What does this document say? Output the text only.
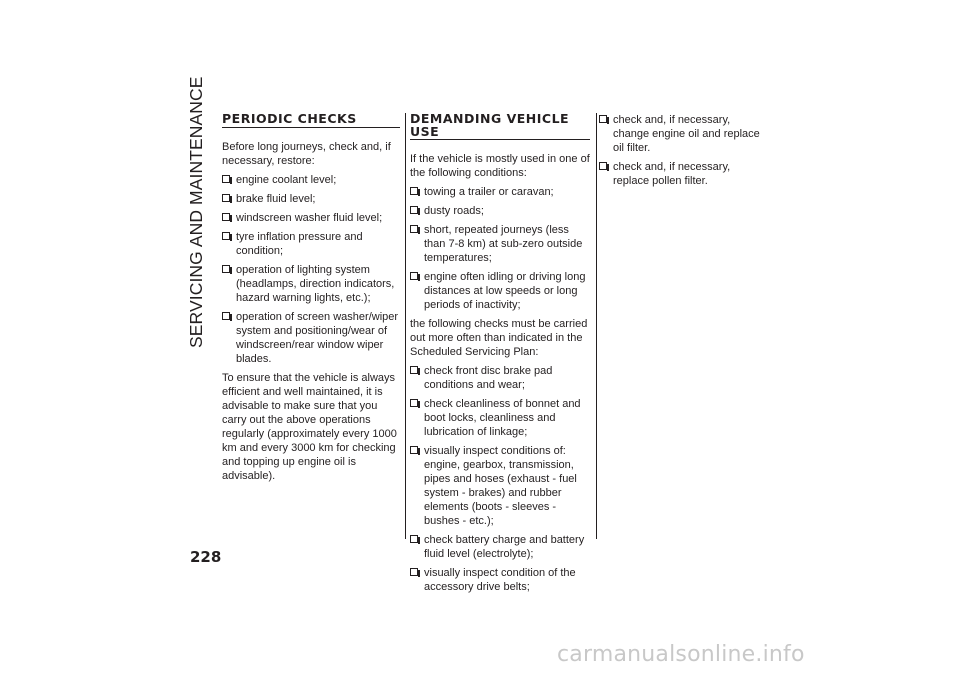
SERVICING AND MAINTENANCE PERIODIC CHECKS

Before long journeys, check and, if necessary, restore:

engine coolant level;
brake fluid level;
windscreen washer fluid level;
tyre inflation pressure and condition;
operation of lighting system (headlamps, direction indicators, hazard warning lights, etc.);
operation of screen washer/wiper system and positioning/wear of windscreen/rear window wiper blades.

To ensure that the vehicle is always efficient and well maintained, it is advisable to make sure that you carry out the above operations regularly (approximately every 1000 km and every 3000 km for checking and topping up engine oil is advisable).

DEMANDING VEHICLE USE

If the vehicle is mostly used in one of the following conditions:

towing a trailer or caravan;
dusty roads;
short, repeated journeys (less than 7-8 km) at sub-zero outside temperatures;
engine often idling or driving long distances at low speeds or long periods of inactivity;

the following checks must be carried out more often than indicated in the Scheduled Servicing Plan:

check front disc brake pad conditions and wear;
check cleanliness of bonnet and boot locks, cleanliness and lubrication of linkage;
visually inspect conditions of: engine, gearbox, transmission, pipes and hoses (exhaust - fuel system - brakes) and rubber elements (boots - sleeves - bushes - etc.);
check battery charge and battery fluid level (electrolyte);
visually inspect condition of the accessory drive belts;
check and, if necessary, change engine oil and replace oil filter.
check and, if necessary, replace pollen filter.
228
carmanualsonline.info
